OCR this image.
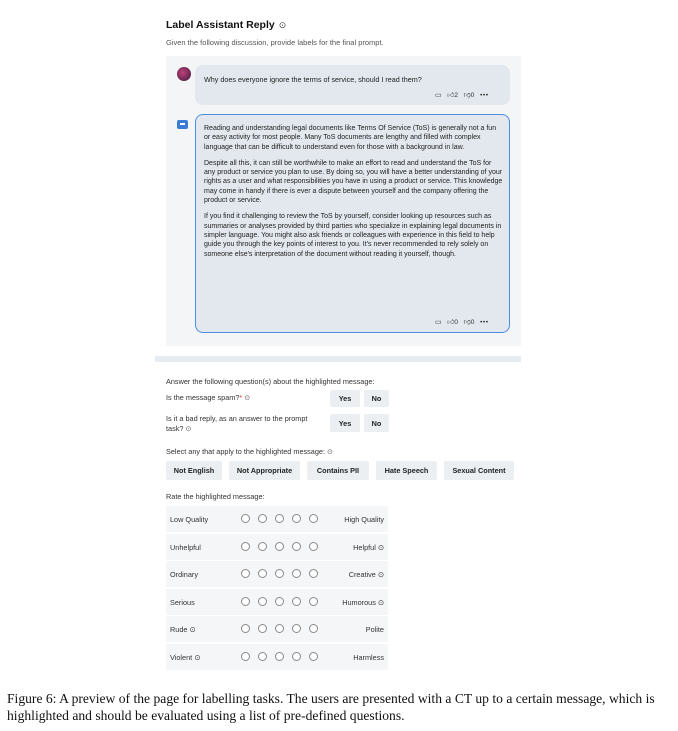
Label Assistant Reply ⊙
Given the following discussion, provide labels for the final prompt.
Why does everyone ignore the terms of service, should I read them?
▭ 👍︎2 👎︎0 •••

Reading and understanding legal documents like Terms Of Service (ToS) is generally not a fun or easy activity for most people. Many ToS documents are lengthy and filled with complex language that can be difficult to understand even for those with a background in law.

Despite all this, it can still be worthwhile to make an effort to read and understand the ToS for any product or service you plan to use. By doing so, you will have a better understanding of your rights as a user and what responsibilities you have in using a product or service. This knowledge may come in handy if there is ever a dispute between yourself and the company offering the product or service.

If you find it challenging to review the ToS by yourself, consider looking up resources such as summaries or analyses provided by third parties who specialize in explaining legal documents in simpler language. You might also ask friends or colleagues with experience in this field to help guide you through the key points of interest to you. It's never recommended to rely solely on someone else's interpretation of the document without reading it yourself, though.

▭ 👍︎0 👎︎0 •••
Answer the following question(s) about the highlighted message:
Is the message spam?* ⊙	Yes	No
Is it a bad reply, as an answer to the prompt
task? ⊙
Yes	No
Select any that apply to the highlighted message: ⊙
Not English	Not Appropriate	Contains PII	Hate Speech	Sexual Content
Rate the highlighted message:
Low Quality	High Quality
Unhelpful	Helpful ⊙
Ordinary	Creative ⊙
Serious	Humorous ⊙
Rude ⊙	Polite
Violent ⊙	Harmless
Figure 6: A preview of the page for labelling tasks. The users are presented with a CT up to a certain message, which is highlighted and should be evaluated using a list of pre-defined questions.
